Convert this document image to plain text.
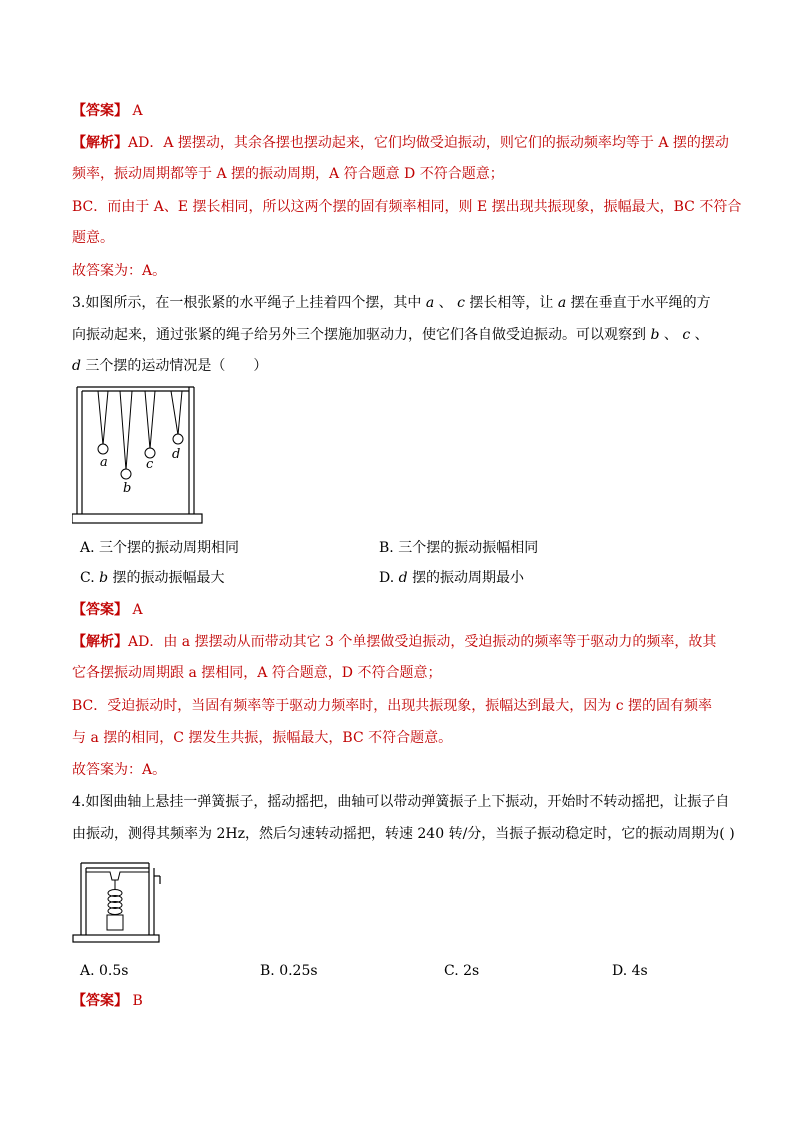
【答案】 A
【解析】AD．A 摆摆动，其余各摆也摆动起来，它们均做受迫振动，则它们的振动频率均等于 A 摆的摆动
频率，振动周期都等于 A 摆的振动周期，A 符合题意 D 不符合题意；
BC．而由于 A、E 摆长相同，所以这两个摆的固有频率相同，则 E 摆出现共振现象，振幅最大，BC 不符合
题意。
故答案为：A。
3.如图所示，在一根张紧的水平绳子上挂着四个摆，其中 a 、 c 摆长相等，让 a 摆在垂直于水平绳的方
向振动起来，通过张紧的绳子给另外三个摆施加驱动力，使它们各自做受迫振动。可以观察到 b 、 c 、
d 三个摆的运动情况是（　　）
a
b
c
d
A. 三个摆的振动周期相同	B. 三个摆的振动振幅相同
C. b 摆的振动振幅最大	D. d 摆的振动周期最小
【答案】 A
【解析】AD．由 a 摆摆动从而带动其它 3 个单摆做受迫振动，受迫振动的频率等于驱动力的频率，故其
它各摆振动周期跟 a 摆相同，A 符合题意，D 不符合题意；
BC．受迫振动时，当固有频率等于驱动力频率时，出现共振现象，振幅达到最大，因为 c 摆的固有频率
与 a 摆的相同，C 摆发生共振，振幅最大，BC 不符合题意。
故答案为：A。
4.如图曲轴上悬挂一弹簧振子，摇动摇把，曲轴可以带动弹簧振子上下振动，开始时不转动摇把，让振子自
由振动，测得其频率为 2Hz，然后匀速转动摇把，转速 240 转/分，当振子振动稳定时，它的振动周期为( )
A. 0.5s	B. 0.25s	C. 2s	D. 4s
【答案】 B
